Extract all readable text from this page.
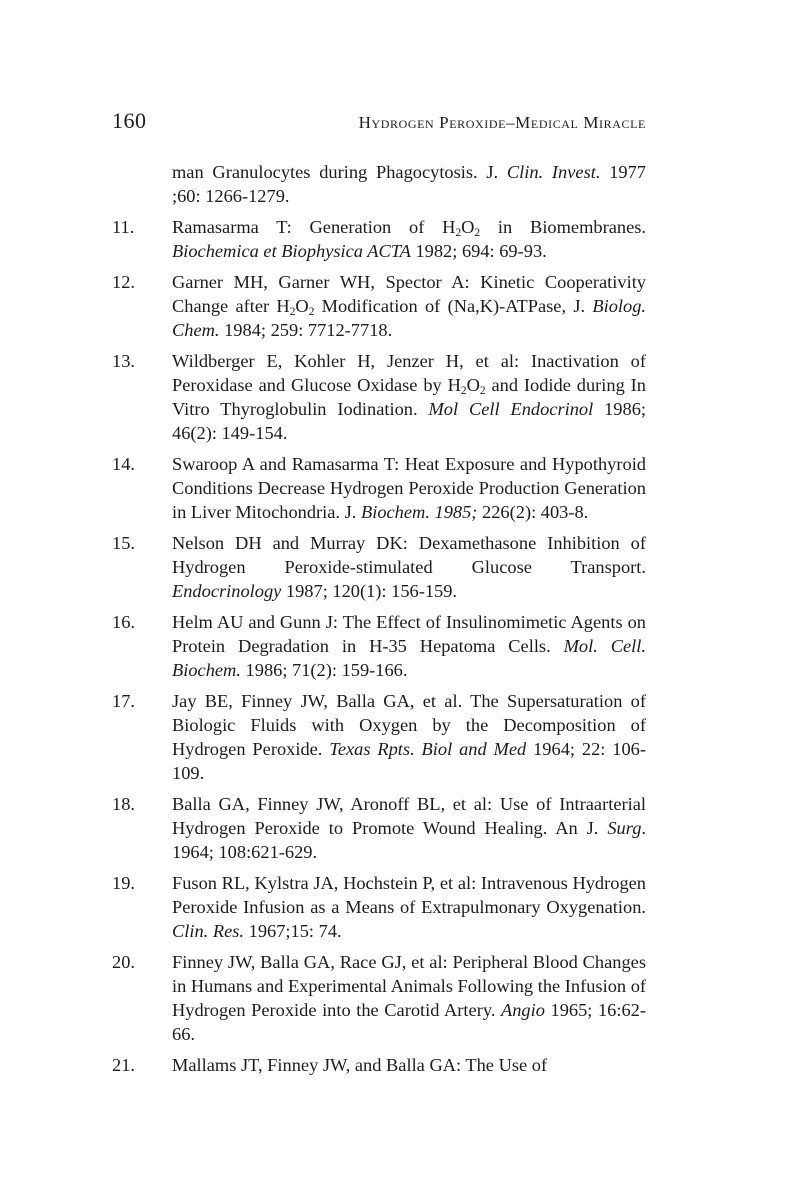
160	Hydrogen Peroxide–Medical Miracle
man Granulocytes during Phagocytosis. J. Clin. Invest. 1977 ;60: 1266-1279.
11. Ramasarma T: Generation of H2O2 in Biomembranes. Biochemica et Biophysica ACTA 1982; 694: 69-93.
12. Garner MH, Garner WH, Spector A: Kinetic Cooperativity Change after H2O2 Modification of (Na,K)-ATPase, J. Biolog. Chem. 1984; 259: 7712-7718.
13. Wildberger E, Kohler H, Jenzer H, et al: Inactivation of Peroxidase and Glucose Oxidase by H2O2 and Iodide during In Vitro Thyroglobulin Iodination. Mol Cell Endocrinol 1986; 46(2): 149-154.
14. Swaroop A and Ramasarma T: Heat Exposure and Hypothyroid Conditions Decrease Hydrogen Peroxide Production Generation in Liver Mitochondria. J. Biochem. 1985; 226(2): 403-8.
15. Nelson DH and Murray DK: Dexamethasone Inhibition of Hydrogen Peroxide-stimulated Glucose Transport. Endocrinology 1987; 120(1): 156-159.
16. Helm AU and Gunn J: The Effect of Insulinomimetic Agents on Protein Degradation in H-35 Hepatoma Cells. Mol. Cell. Biochem. 1986; 71(2): 159-166.
17. Jay BE, Finney JW, Balla GA, et al. The Supersaturation of Biologic Fluids with Oxygen by the Decomposition of Hydrogen Peroxide. Texas Rpts. Biol and Med 1964; 22: 106-109.
18. Balla GA, Finney JW, Aronoff BL, et al: Use of Intraarterial Hydrogen Peroxide to Promote Wound Healing. An J. Surg. 1964; 108:621-629.
19. Fuson RL, Kylstra JA, Hochstein P, et al: Intravenous Hydrogen Peroxide Infusion as a Means of Extrapulmonary Oxygenation. Clin. Res. 1967;15: 74.
20. Finney JW, Balla GA, Race GJ, et al: Peripheral Blood Changes in Humans and Experimental Animals Following the Infusion of Hydrogen Peroxide into the Carotid Artery. Angio 1965; 16:62-66.
21. Mallams JT, Finney JW, and Balla GA: The Use of
